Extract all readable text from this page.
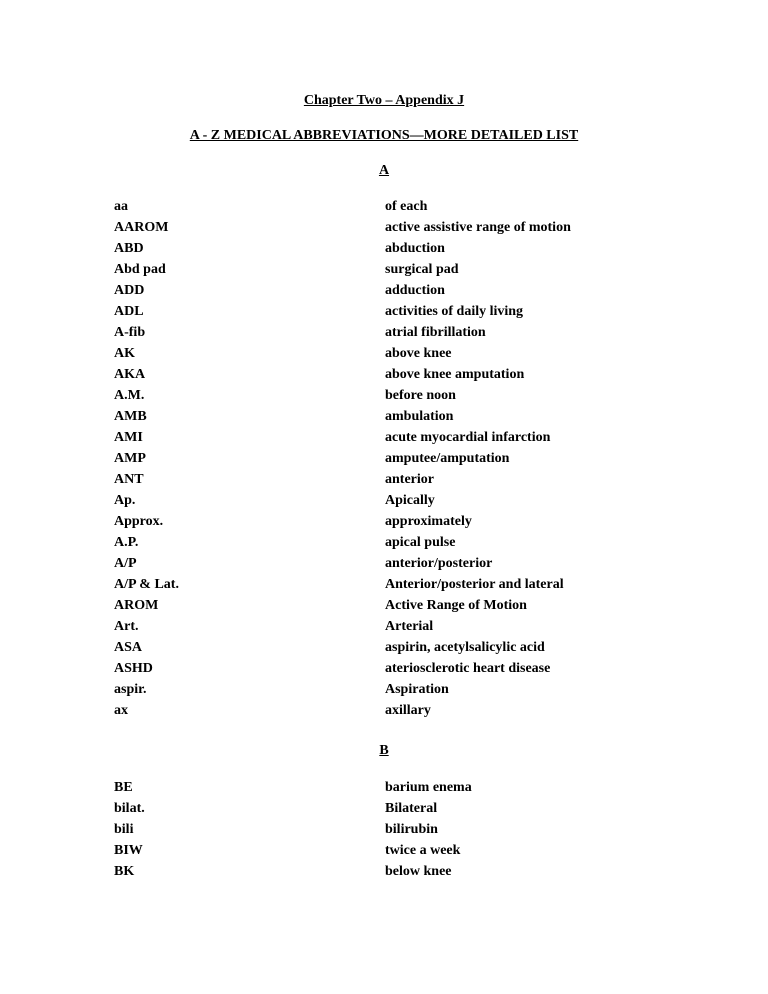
Chapter Two – Appendix J
A - Z MEDICAL ABBREVIATIONS—MORE DETAILED LIST
A
aa	of each
AAROM	active assistive range of motion
ABD	abduction
Abd pad	surgical pad
ADD	adduction
ADL	activities of daily living
A-fib	atrial fibrillation
AK	above knee
AKA	above knee amputation
A.M.	before noon
AMB	ambulation
AMI	acute myocardial infarction
AMP	amputee/amputation
ANT	anterior
Ap.	Apically
Approx.	approximately
A.P.	apical pulse
A/P	anterior/posterior
A/P & Lat.	Anterior/posterior and lateral
AROM	Active Range of Motion
Art.	Arterial
ASA	aspirin, acetylsalicylic acid
ASHD	ateriosclerotic heart disease
aspir.	Aspiration
ax	axillary
B
BE	barium enema
bilat.	Bilateral
bili	bilirubin
BIW	twice a week
BK	below knee
